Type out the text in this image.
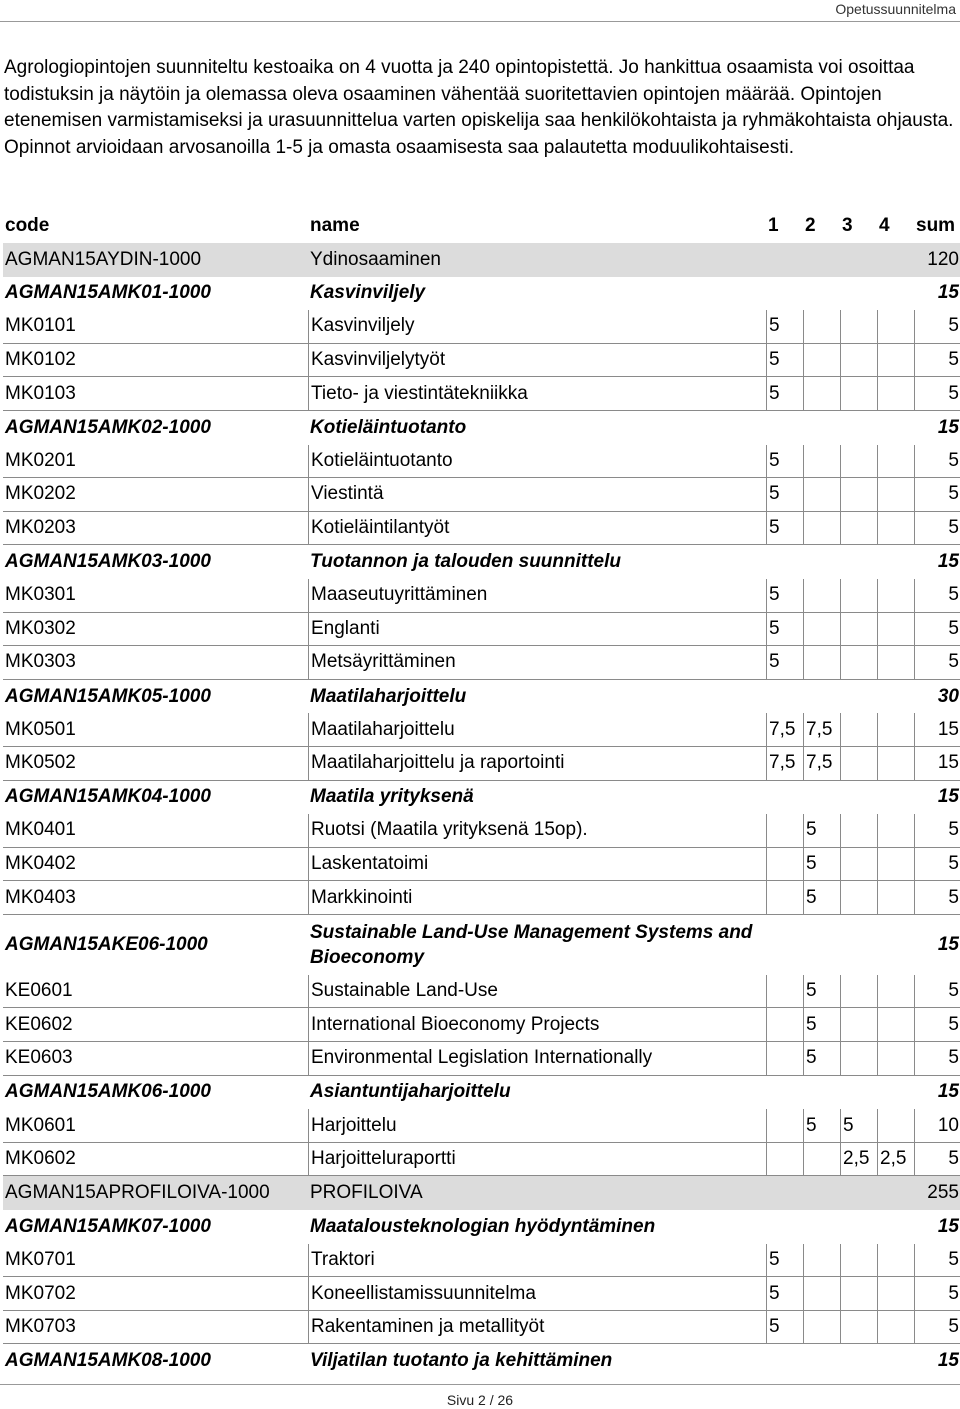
Opetussuunnitelma

Agrologiopintojen suunniteltu kestoaika on 4 vuotta ja 240 opintopistettä. Jo hankittua osaamista voi osoittaa todistuksin ja näytöin ja olemassa oleva osaaminen vähentää suoritettavien opintojen määrää. Opintojen etenemisen varmistamiseksi ja urasuunnittelua varten opiskelija saa henkilökohtaista ja ryhmäkohtaista ohjausta. Opinnot arvioidaan arvosanoilla 1-5 ja omasta osaamisesta saa palautetta moduulikohtaisesti.

code	name	1	2	3	4	sum
AGMAN15AYDIN-1000	Ydinosaaminen					120
AGMAN15AMK01-1000	Kasvinviljely					15
MK0101	Kasvinviljely	5				5
MK0102	Kasvinviljelytyöt	5				5
MK0103	Tieto- ja viestintätekniikka	5				5
AGMAN15AMK02-1000	Kotieläintuotanto					15
MK0201	Kotieläintuotanto	5				5
MK0202	Viestintä	5				5
MK0203	Kotieläintilantyöt	5				5
AGMAN15AMK03-1000	Tuotannon ja talouden suunnittelu					15
MK0301	Maaseutuyrittäminen	5				5
MK0302	Englanti	5				5
MK0303	Metsäyrittäminen	5				5
AGMAN15AMK05-1000	Maatilaharjoittelu					30
MK0501	Maatilaharjoittelu	7,5	7,5			15
MK0502	Maatilaharjoittelu ja raportointi	7,5	7,5			15
AGMAN15AMK04-1000	Maatila yrityksenä					15
MK0401	Ruotsi (Maatila yrityksenä 15op).		5			5
MK0402	Laskentatoimi		5			5
MK0403	Markkinointi		5			5
AGMAN15AKE06-1000	Sustainable Land-Use Management Systems and Bioeconomy					15
KE0601	Sustainable Land-Use		5			5
KE0602	International Bioeconomy Projects		5			5
KE0603	Environmental Legislation Internationally		5			5
AGMAN15AMK06-1000	Asiantuntijaharjoittelu					15
MK0601	Harjoittelu		5	5		10
MK0602	Harjoitteluraportti			2,5	2,5	5
AGMAN15APROFILOIVA-1000	PROFILOIVA					255
AGMAN15AMK07-1000	Maatalousteknologian hyödyntäminen					15
MK0701	Traktori	5				5
MK0702	Koneellistamissuunnitelma	5				5
MK0703	Rakentaminen ja metallityöt	5				5
AGMAN15AMK08-1000	Viljatilan tuotanto ja kehittäminen					15
Sivu 2 / 26
